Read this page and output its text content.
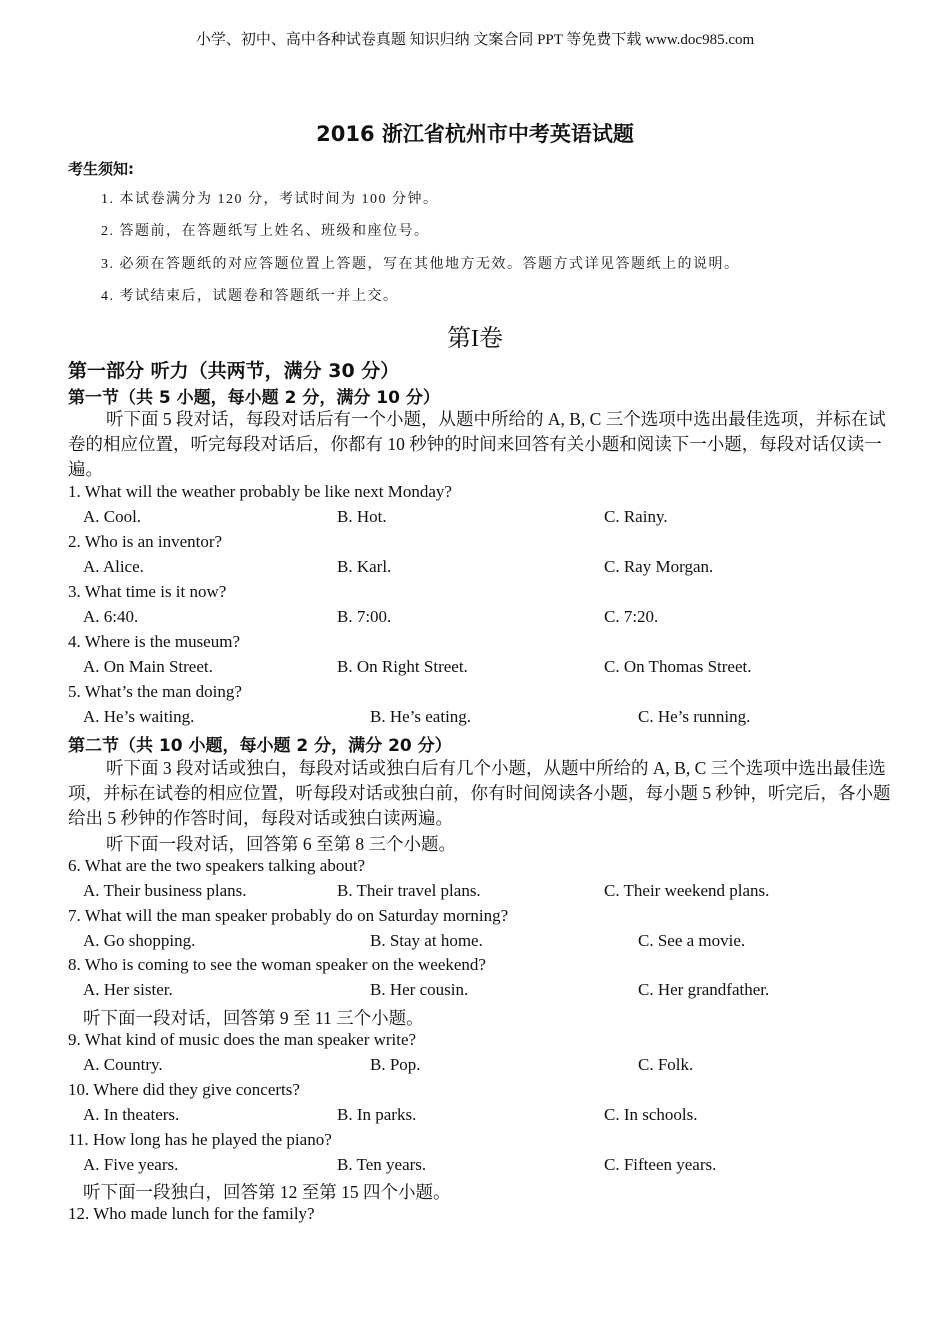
小学、初中、高中各种试卷真题 知识归纳 文案合同 PPT 等免费下载 www.doc985.com
2016 浙江省杭州市中考英语试题
考生须知:
1. 本试卷满分为 120 分，考试时间为 100 分钟。
2. 答题前，在答题纸写上姓名、班级和座位号。
3. 必须在答题纸的对应答题位置上答题，写在其他地方无效。答题方式详见答题纸上的说明。
4. 考试结束后，试题卷和答题纸一并上交。
第I卷
第一部分 听力（共两节，满分 30 分）
第一节（共 5 小题，每小题 2 分，满分 10 分）
听下面 5 段对话，每段对话后有一个小题，从题中所给的 A, B, C 三个选项中选出最佳选项，并标在试卷的相应位置，听完每段对话后，你都有 10 秒钟的时间来回答有关小题和阅读下一小题，每段对话仅读一遍。
1. What will the weather probably be like next Monday?
A. Cool.	B. Hot.	C. Rainy.
2. Who is an inventor?
A. Alice.	B. Karl.	C. Ray Morgan.
3. What time is it now?
A. 6:40.	B. 7:00.	C. 7:20.
4. Where is the museum?
A. On Main Street.	B. On Right Street.	C. On Thomas Street.
5. What’s the man doing?
A. He’s waiting.	B. He’s eating.	C. He’s running.
第二节（共 10 小题，每小题 2 分，满分 20 分）
听下面 3 段对话或独白，每段对话或独白后有几个小题，从题中所给的 A, B, C 三个选项中选出最佳选项，并标在试卷的相应位置，听每段对话或独白前，你有时间阅读各小题，每小题 5 秒钟，听完后，各小题给出 5 秒钟的作答时间，每段对话或独白读两遍。
听下面一段对话，回答第 6 至第 8 三个小题。
6. What are the two speakers talking about?
A. Their business plans.	B. Their travel plans.	C. Their weekend plans.
7. What will the man speaker probably do on Saturday morning?
A. Go shopping.	B. Stay at home.	C. See a movie.
8. Who is coming to see the woman speaker on the weekend?
A. Her sister.	B. Her cousin.	C. Her grandfather.
听下面一段对话，回答第 9 至 11 三个小题。
9. What kind of music does the man speaker write?
A. Country.	B. Pop.	C. Folk.
10. Where did they give concerts?
A. In theaters.	B. In parks.	C. In schools.
11. How long has he played the piano?
A. Five years.	B. Ten years.	C. Fifteen years.
听下面一段独白，回答第 12 至第 15 四个小题。
12. Who made lunch for the family?
